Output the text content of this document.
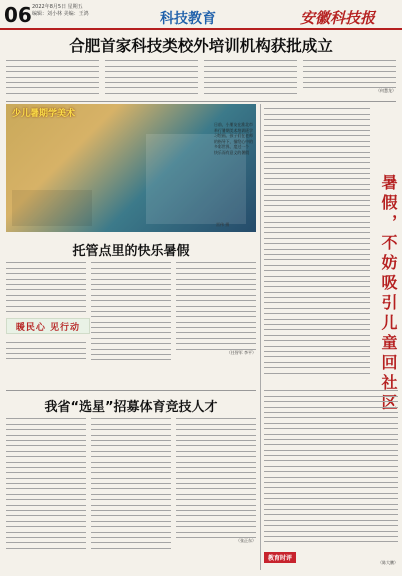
06 2022年8月5日 星期五
编辑：刘小林 美编：王鸿	科技教育	安徽科技报
合肥首家科技类校外培训机构获批成立
（何慧龙）
少儿暑期学美术
日前，小朋友在淮北市 举行暑期美术培训班学 习绘画。孩子们在老师 的指导下，描绘心中的 多彩世界，度过一个 快乐而有意义的暑假
雷伟 摄
托管点里的快乐暑假
暖民心 见行动
（任智军 李平）
我省“选星”招募体育竞技人才
（张正东）
暑假，不妨吸引儿童回社区
教育时评
（陈大鹏）
